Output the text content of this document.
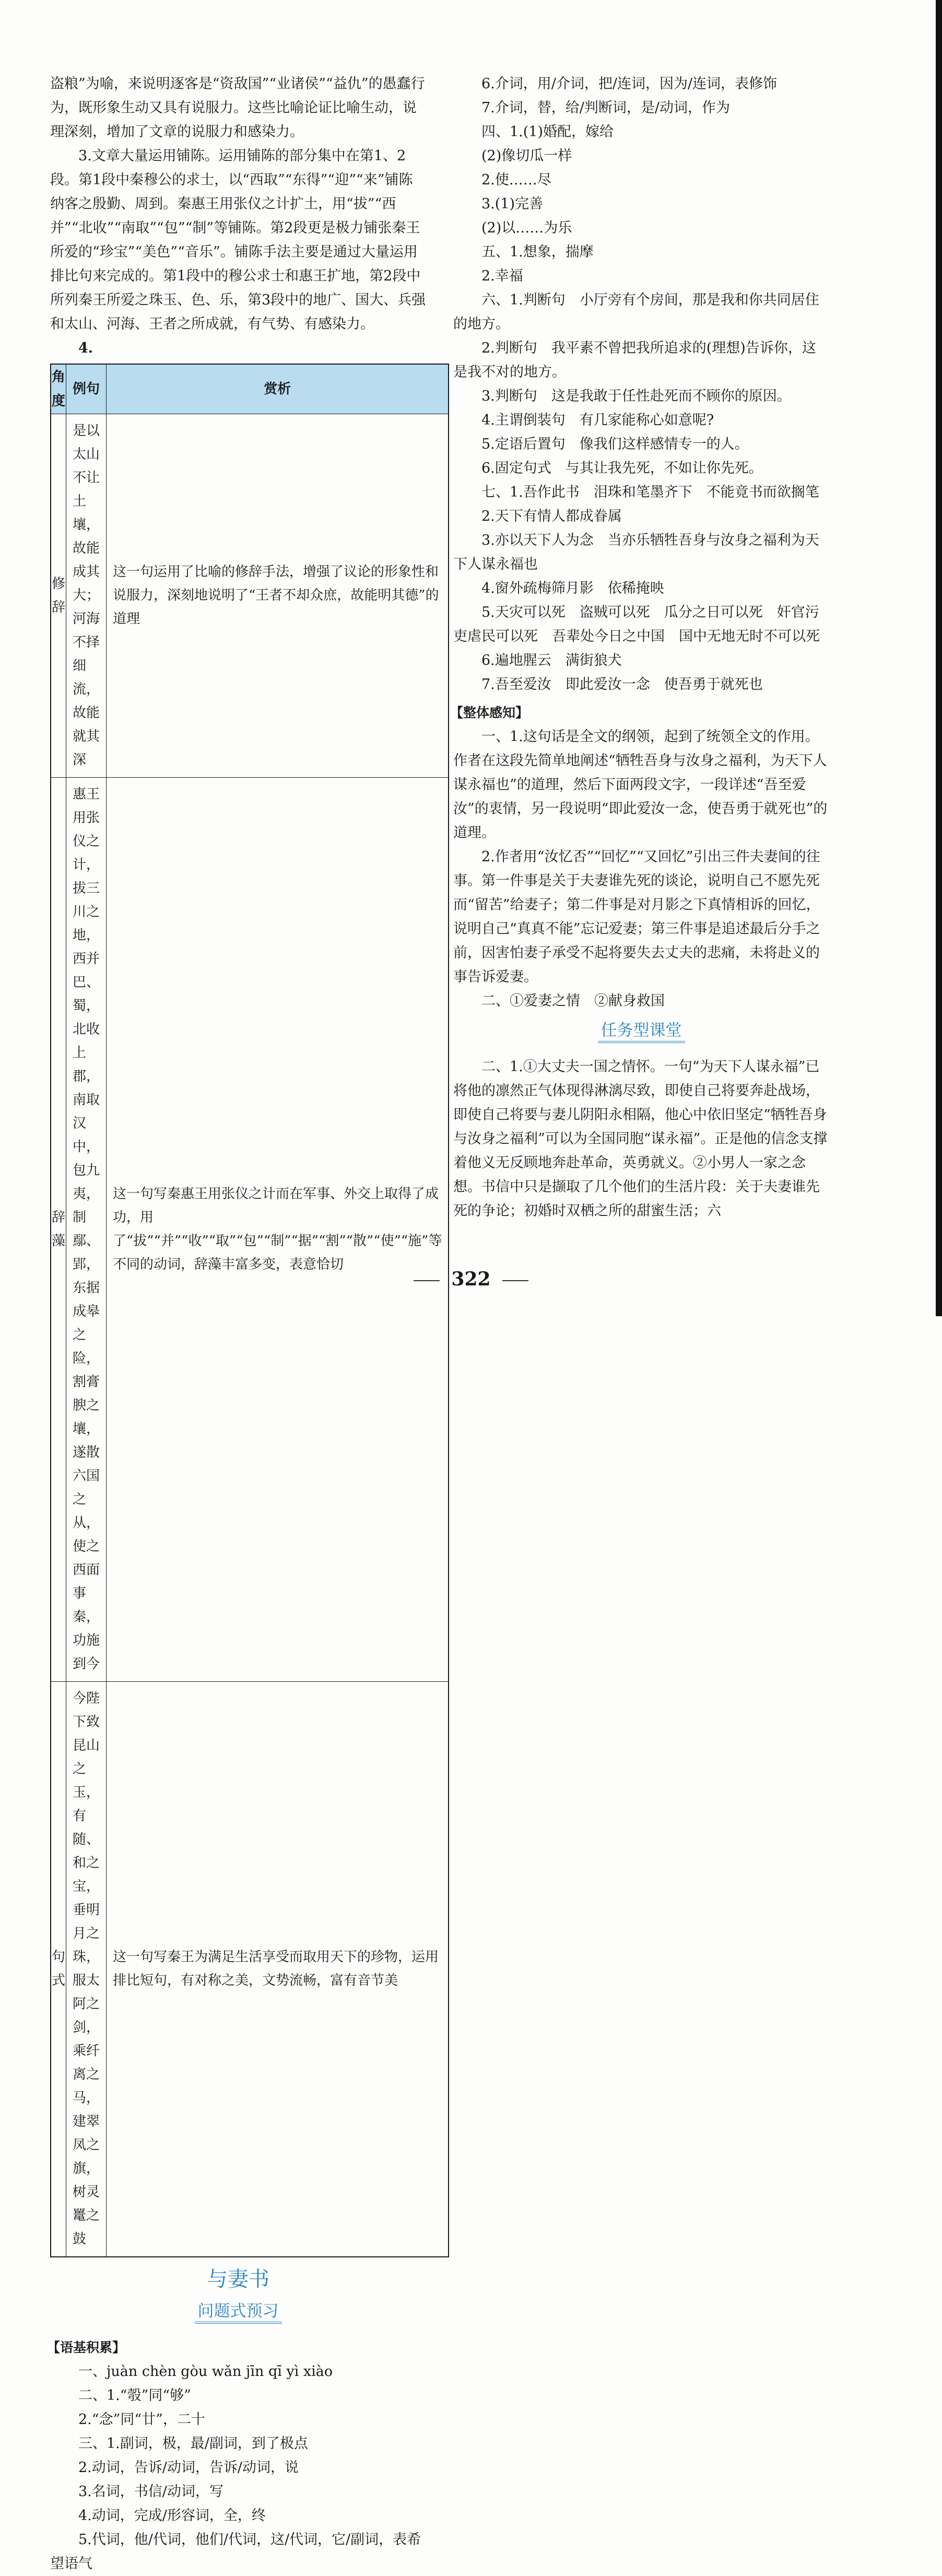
盗粮”为喻，来说明逐客是“资敌国”“业诸侯”“益仇”的愚蠢行为，既形象生动又具有说服力。这些比喻论证比喻生动，说理深刻，增加了文章的说服力和感染力。

3.文章大量运用铺陈。运用铺陈的部分集中在第1、2段。第1段中秦穆公的求士，以“西取”“东得”“迎”“来”铺陈纳客之殷勤、周到。秦惠王用张仪之计扩土，用“拔”“西并”“北收”“南取”“包”“制”等铺陈。第2段更是极力铺张秦王所爱的“珍宝”“美色”“音乐”。铺陈手法主要是通过大量运用排比句来完成的。第1段中的穆公求士和惠王扩地，第2段中所列秦王所爱之珠玉、色、乐，第3段中的地广、国大、兵强和太山、河海、王者之所成就，有气势、有感染力。

4.

角度	例句	赏析
修辞	是以太山不让土壤，故能成其大；河海不择细流，故能就其深	这一句运用了比喻的修辞手法，增强了议论的形象性和说服力，深刻地说明了“王者不却众庶，故能明其德”的道理
辞藻	惠王用张仪之计，拔三川之地，西并巴、蜀，北收上郡，南取汉中，包九夷，制鄢、郢，东据成皋之险，割膏腴之壤，遂散六国之从，使之西面事秦，功施到今	这一句写秦惠王用张仪之计而在军事、外交上取得了成功，用了“拔”“并”“收”“取”“包”“制”“据”“割”“散”“使”“施”等不同的动词，辞藻丰富多变，表意恰切
句式	今陛下致昆山之玉，有随、和之宝，垂明月之珠，服太阿之剑，乘纤离之马，建翠凤之旗，树灵鼍之鼓	这一句写秦王为满足生活享受而取用天下的珍物，运用排比短句，有对称之美，文势流畅，富有音节美
与妻书
问题式预习
【语基积累】

一、juàn chèn gòu wǎn jīn qī yì xiào

二、1.“彀”同“够”

2.“念”同“廿”，二十

三、1.副词，极，最/副词，到了极点

2.动词，告诉/动词，告诉/动词，说

3.名词，书信/动词，写

4.动词，完成/形容词，全，终

5.代词，他/代词，他们/代词，这/代词，它/副词，表希望语气

6.介词，用/介词，把/连词，因为/连词，表修饰

7.介词，替，给/判断词，是/动词，作为

四、1.(1)婚配，嫁给

(2)像切瓜一样

2.使……尽

3.(1)完善

(2)以……为乐

五、1.想象，揣摩

2.幸福

六、1.判断句　小厅旁有个房间，那是我和你共同居住的地方。

2.判断句　我平素不曾把我所追求的(理想)告诉你，这是我不对的地方。

3.判断句　这是我敢于任性赴死而不顾你的原因。

4.主谓倒装句　有几家能称心如意呢?

5.定语后置句　像我们这样感情专一的人。

6.固定句式　与其让我先死，不如让你先死。

七、1.吾作此书　泪珠和笔墨齐下　不能竟书而欲搁笔

2.天下有情人都成眷属

3.亦以天下人为念　当亦乐牺牲吾身与汝身之福利为天下人谋永福也

4.窗外疏梅筛月影　依稀掩映

5.天灾可以死　盗贼可以死　瓜分之日可以死　奸官污吏虐民可以死　吾辈处今日之中国　国中无地无时不可以死

6.遍地腥云　满街狼犬

7.吾至爱汝　即此爱汝一念　使吾勇于就死也

【整体感知】

一、1.这句话是全文的纲领，起到了统领全文的作用。作者在这段先简单地阐述“牺牲吾身与汝身之福利，为天下人谋永福也”的道理，然后下面两段文字，一段详述“吾至爱汝”的衷情，另一段说明“即此爱汝一念，使吾勇于就死也”的道理。

2.作者用“汝忆否”“回忆”“又回忆”引出三件夫妻间的往事。第一件事是关于夫妻谁先死的谈论，说明自己不愿先死而“留苦”给妻子；第二件事是对月影之下真情相诉的回忆，说明自己“真真不能”忘记爱妻；第三件事是追述最后分手之前，因害怕妻子承受不起将要失去丈夫的悲痛，未将赴义的事告诉爱妻。

二、①爱妻之情　②献身救国

任务型课堂

二、1.①大丈夫一国之情怀。一句“为天下人谋永福”已将他的凛然正气体现得淋漓尽致，即使自己将要奔赴战场，即使自己将要与妻儿阴阳永相隔，他心中依旧坚定“牺牲吾身与汝身之福利”可以为全国同胞“谋永福”。正是他的信念支撑着他义无反顾地奔赴革命，英勇就义。②小男人一家之念想。书信中只是撷取了几个他们的生活片段：关于夫妻谁先死的争论；初婚时双栖之所的甜蜜生活；六

322
